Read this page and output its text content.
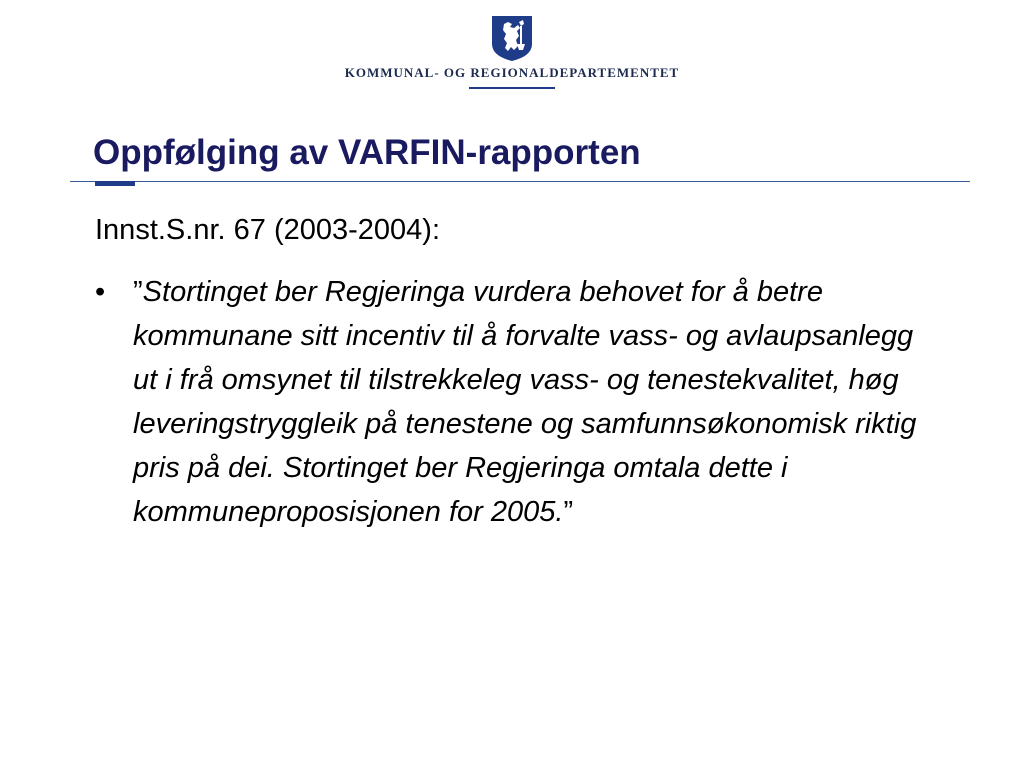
KOMMUNAL- OG REGIONALDEPARTEMENTET
Oppfølging av VARFIN-rapporten

Innst.S.nr. 67 (2003-2004):

• ”Stortinget ber Regjeringa vurdera behovet for å betre kommunane sitt incentiv til å forvalte vass- og avlaupsanlegg ut i frå omsynet til tilstrekkeleg vass- og tenestekvalitet, høg leveringstryggleik på tenestene og samfunnsøkonomisk riktig pris på dei. Stortinget ber Regjeringa omtala dette i kommuneproposisjonen for 2005.”
